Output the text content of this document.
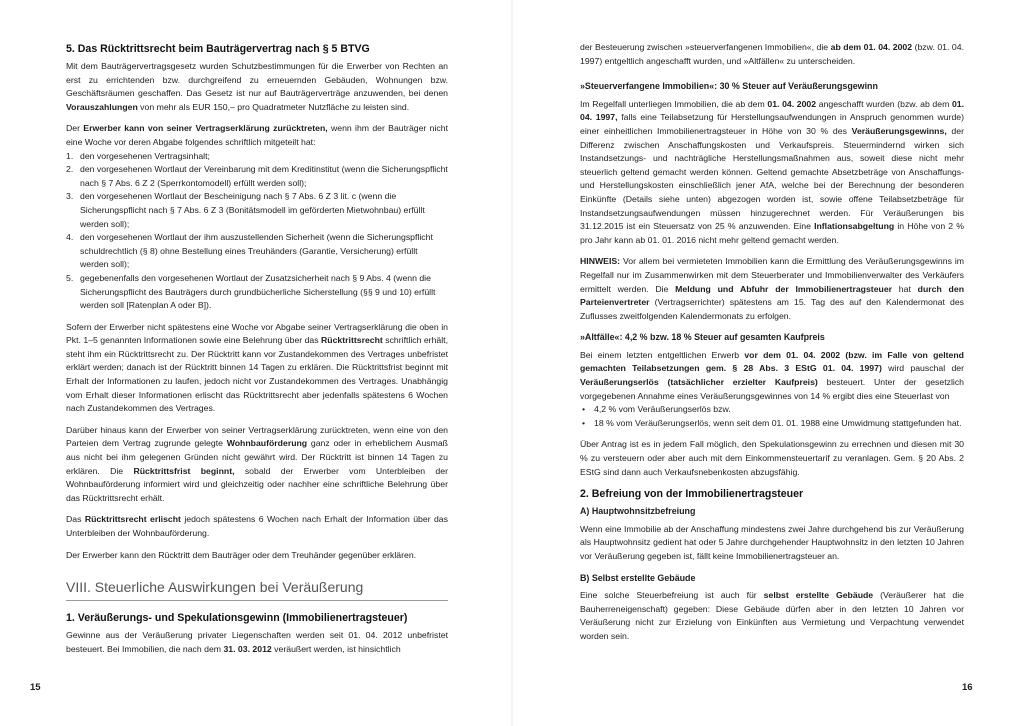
5. Das Rücktrittsrecht beim Bauträgervertrag nach § 5 BTVG

Mit dem Bauträgervertragsgesetz wurden Schutzbestimmungen für die Erwerber von Rechten an erst zu errichtenden bzw. durchgreifend zu erneuernden Gebäuden, Wohnungen bzw. Geschäftsräumen geschaffen. Das Gesetz ist nur auf Bauträgerverträge anzuwenden, bei denen Vorauszahlungen von mehr als EUR 150,– pro Quadratmeter Nutzfläche zu leisten sind.

Der Erwerber kann von seiner Vertragserklärung zurücktreten, wenn ihm der Bauträger nicht eine Woche vor deren Abgabe folgendes schriftlich mitgeteilt hat:

1. den vorgesehenen Vertragsinhalt;
2. den vorgesehenen Wortlaut der Vereinbarung mit dem Kreditinstitut (wenn die Sicherungspflicht nach § 7 Abs. 6 Z 2 (Sperrkontomodell) erfüllt werden soll);
3. den vorgesehenen Wortlaut der Bescheinigung nach § 7 Abs. 6 Z 3 lit. c (wenn die Sicherungspflicht nach § 7 Abs. 6 Z 3 (Bonitätsmodell im geförderten Mietwohnbau) erfüllt werden soll);
4. den vorgesehenen Wortlaut der ihm auszustellenden Sicherheit (wenn die Sicherungspflicht schuldrechtlich (§ 8) ohne Bestellung eines Treuhänders (Garantie, Versicherung) erfüllt werden soll);
5. gegebenenfalls den vorgesehenen Wortlaut der Zusatzsicherheit nach § 9 Abs. 4 (wenn die Sicherungspflicht des Bauträgers durch grundbücherliche Sicherstellung (§§ 9 und 10) erfüllt werden soll [Ratenplan A oder B]).

Sofern der Erwerber nicht spätestens eine Woche vor Abgabe seiner Vertragserklärung die oben in Pkt. 1–5 genannten Informationen sowie eine Belehrung über das Rücktrittsrecht schriftlich erhält, steht ihm ein Rücktrittsrecht zu. Der Rücktritt kann vor Zustandekommen des Vertrages unbefristet erklärt werden; danach ist der Rücktritt binnen 14 Tagen zu erklären. Die Rücktrittsfrist beginnt mit Erhalt der Informationen zu laufen, jedoch nicht vor Zustandekommen des Vertrages. Unabhängig vom Erhalt dieser Informationen erlischt das Rücktrittsrecht aber jedenfalls spätestens 6 Wochen nach Zustandekommen des Vertrages.

Darüber hinaus kann der Erwerber von seiner Vertragserklärung zurücktreten, wenn eine von den Parteien dem Vertrag zugrunde gelegte Wohnbauförderung ganz oder in erheblichem Ausmaß aus nicht bei ihm gelegenen Gründen nicht gewährt wird. Der Rücktritt ist binnen 14 Tagen zu erklären. Die Rücktrittsfrist beginnt, sobald der Erwerber vom Unterbleiben der Wohnbauförderung informiert wird und gleichzeitig oder nachher eine schriftliche Belehrung über das Rücktrittsrecht erhält.

Das Rücktrittsrecht erlischt jedoch spätestens 6 Wochen nach Erhalt der Information über das Unterbleiben der Wohnbauförderung.

Der Erwerber kann den Rücktritt dem Bauträger oder dem Treuhänder gegenüber erklären.

VIII. Steuerliche Auswirkungen bei Veräußerung
1. Veräußerungs- und Spekulationsgewinn (Immobilienertragsteuer)

Gewinne aus der Veräußerung privater Liegenschaften werden seit 01. 04. 2012 unbefristet besteuert. Bei Immobilien, die nach dem 31. 03. 2012 veräußert werden, ist hinsichtlich

15

der Besteuerung zwischen »steuerverfangenen Immobilien«, die ab dem 01. 04. 2002 (bzw. 01. 04. 1997) entgeltlich angeschafft wurden, und »Altfällen« zu unterscheiden.

»Steuerverfangene Immobilien«: 30 % Steuer auf Veräußerungsgewinn

Im Regelfall unterliegen Immobilien, die ab dem 01. 04. 2002 angeschafft wurden (bzw. ab dem 01. 04. 1997, falls eine Teilabsetzung für Herstellungsaufwendungen in Anspruch genommen wurde) einer einheitlichen Immobilienertragsteuer in Höhe von 30 % des Veräußerungsgewinns, der Differenz zwischen Anschaffungskosten und Verkaufspreis. Steuermindernd wirken sich Instandsetzungs- und nachträgliche Herstellungsmaßnahmen aus, soweit diese nicht mehr steuerlich geltend gemacht werden können. Geltend gemachte Absetzbeträge von Anschaffungs- und Herstellungskosten einschließlich jener AfA, welche bei der Berechnung der besonderen Einkünfte (Details siehe unten) abgezogen worden ist, sowie offene Teilabsetzbeträge für Instandsetzungsaufwendungen müssen hinzugerechnet werden. Für Veräußerungen bis 31.12.2015 ist ein Steuersatz von 25 % anzuwenden. Eine Inflationsabgeltung in Höhe von 2 % pro Jahr kann ab 01. 01. 2016 nicht mehr geltend gemacht werden.

HINWEIS: Vor allem bei vermieteten Immobilien kann die Ermittlung des Veräußerungsgewinns im Regelfall nur im Zusammenwirken mit dem Steuerberater und Immobilienverwalter des Verkäufers ermittelt werden. Die Meldung und Abfuhr der Immobilienertragsteuer hat durch den Parteienvertreter (Vertragserrichter) spätestens am 15. Tag des auf den Kalendermonat des Zuflusses zweitfolgenden Kalendermonats zu erfolgen.

»Altfälle«: 4,2 % bzw. 18 % Steuer auf gesamten Kaufpreis

Bei einem letzten entgeltlichen Erwerb vor dem 01. 04. 2002 (bzw. im Falle von geltend gemachten Teilabsetzungen gem. § 28 Abs. 3 EStG 01. 04. 1997) wird pauschal der Veräußerungserlös (tatsächlicher erzielter Kaufpreis) besteuert. Unter der gesetzlich vorgegebenen Annahme eines Veräußerungsgewinnes von 14 % ergibt dies eine Steuerlast von

• 4,2 % vom Veräußerungserlös bzw.
• 18 % vom Veräußerungserlös, wenn seit dem 01. 01. 1988 eine Umwidmung stattgefunden hat.

Über Antrag ist es in jedem Fall möglich, den Spekulationsgewinn zu errechnen und diesen mit 30 % zu versteuern oder aber auch mit dem Einkommensteuertarif zu veranlagen. Gem. § 20 Abs. 2 EStG sind dann auch Verkaufsnebenkosten abzugsfähig.

2. Befreiung von der Immobilienertragsteuer
A) Hauptwohnsitzbefreiung

Wenn eine Immobilie ab der Anschaffung mindestens zwei Jahre durchgehend bis zur Veräußerung als Hauptwohnsitz gedient hat oder 5 Jahre durchgehender Hauptwohnsitz in den letzten 10 Jahren vor Veräußerung gegeben ist, fällt keine Immobilienertragsteuer an.

B) Selbst erstellte Gebäude

Eine solche Steuerbefreiung ist auch für selbst erstellte Gebäude (Veräußerer hat die Bauherreneigenschaft) gegeben: Diese Gebäude dürfen aber in den letzten 10 Jahren vor Veräußerung nicht zur Erzielung von Einkünften aus Vermietung und Verpachtung verwendet worden sein.

16
